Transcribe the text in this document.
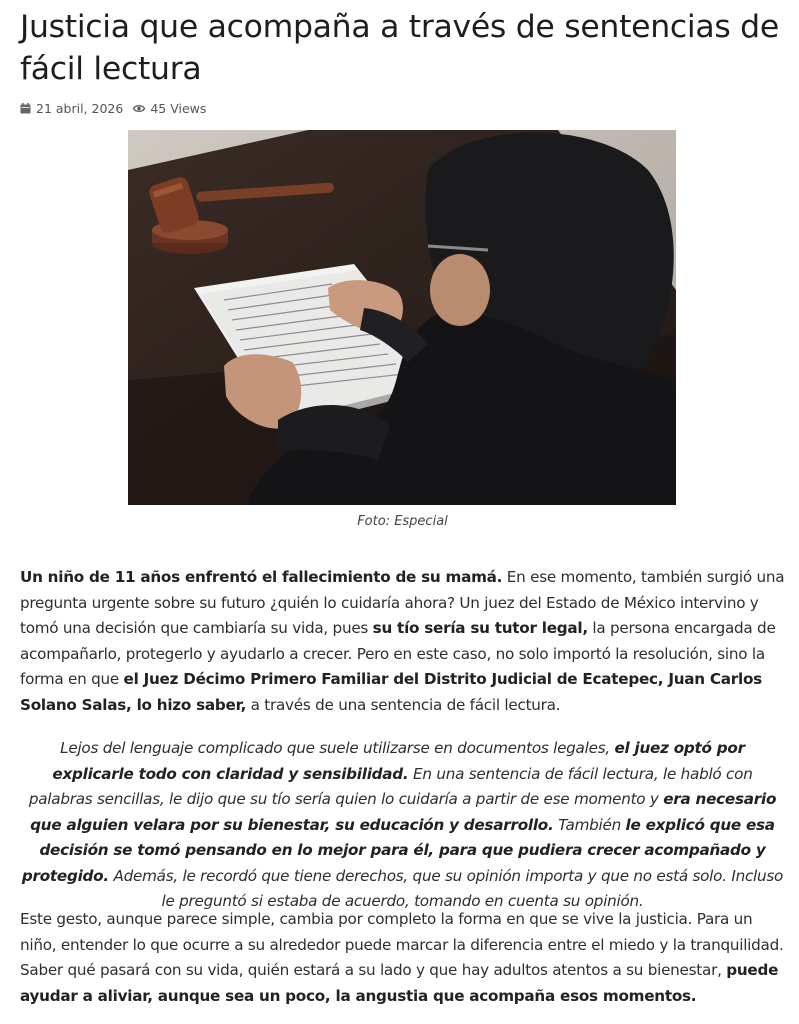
Justicia que acompaña a través de sentencias de fácil lectura
21 abril, 2026 45 Views
Foto: Especial

Un niño de 11 años enfrentó el fallecimiento de su mamá. En ese momento, también surgió una pregunta urgente sobre su futuro ¿quién lo cuidaría ahora? Un juez del Estado de México intervino y tomó una decisión que cambiaría su vida, pues su tío sería su tutor legal, la persona encargada de acompañarlo, protegerlo y ayudarlo a crecer. Pero en este caso, no solo importó la resolución, sino la forma en que el Juez Décimo Primero Familiar del Distrito Judicial de Ecatepec, Juan Carlos Solano Salas, lo hizo saber, a través de una sentencia de fácil lectura.

Lejos del lenguaje complicado que suele utilizarse en documentos legales, el juez optó por explicarle todo con claridad y sensibilidad. En una sentencia de fácil lectura, le habló con palabras sencillas, le dijo que su tío sería quien lo cuidaría a partir de ese momento y era necesario que alguien velara por su bienestar, su educación y desarrollo. También le explicó que esa decisión se tomó pensando en lo mejor para él, para que pudiera crecer acompañado y protegido. Además, le recordó que tiene derechos, que su opinión importa y que no está solo. Incluso le preguntó si estaba de acuerdo, tomando en cuenta su opinión.

Este gesto, aunque parece simple, cambia por completo la forma en que se vive la justicia. Para un niño, entender lo que ocurre a su alrededor puede marcar la diferencia entre el miedo y la tranquilidad. Saber qué pasará con su vida, quién estará a su lado y que hay adultos atentos a su bienestar, puede ayudar a aliviar, aunque sea un poco, la angustia que acompaña esos momentos.
